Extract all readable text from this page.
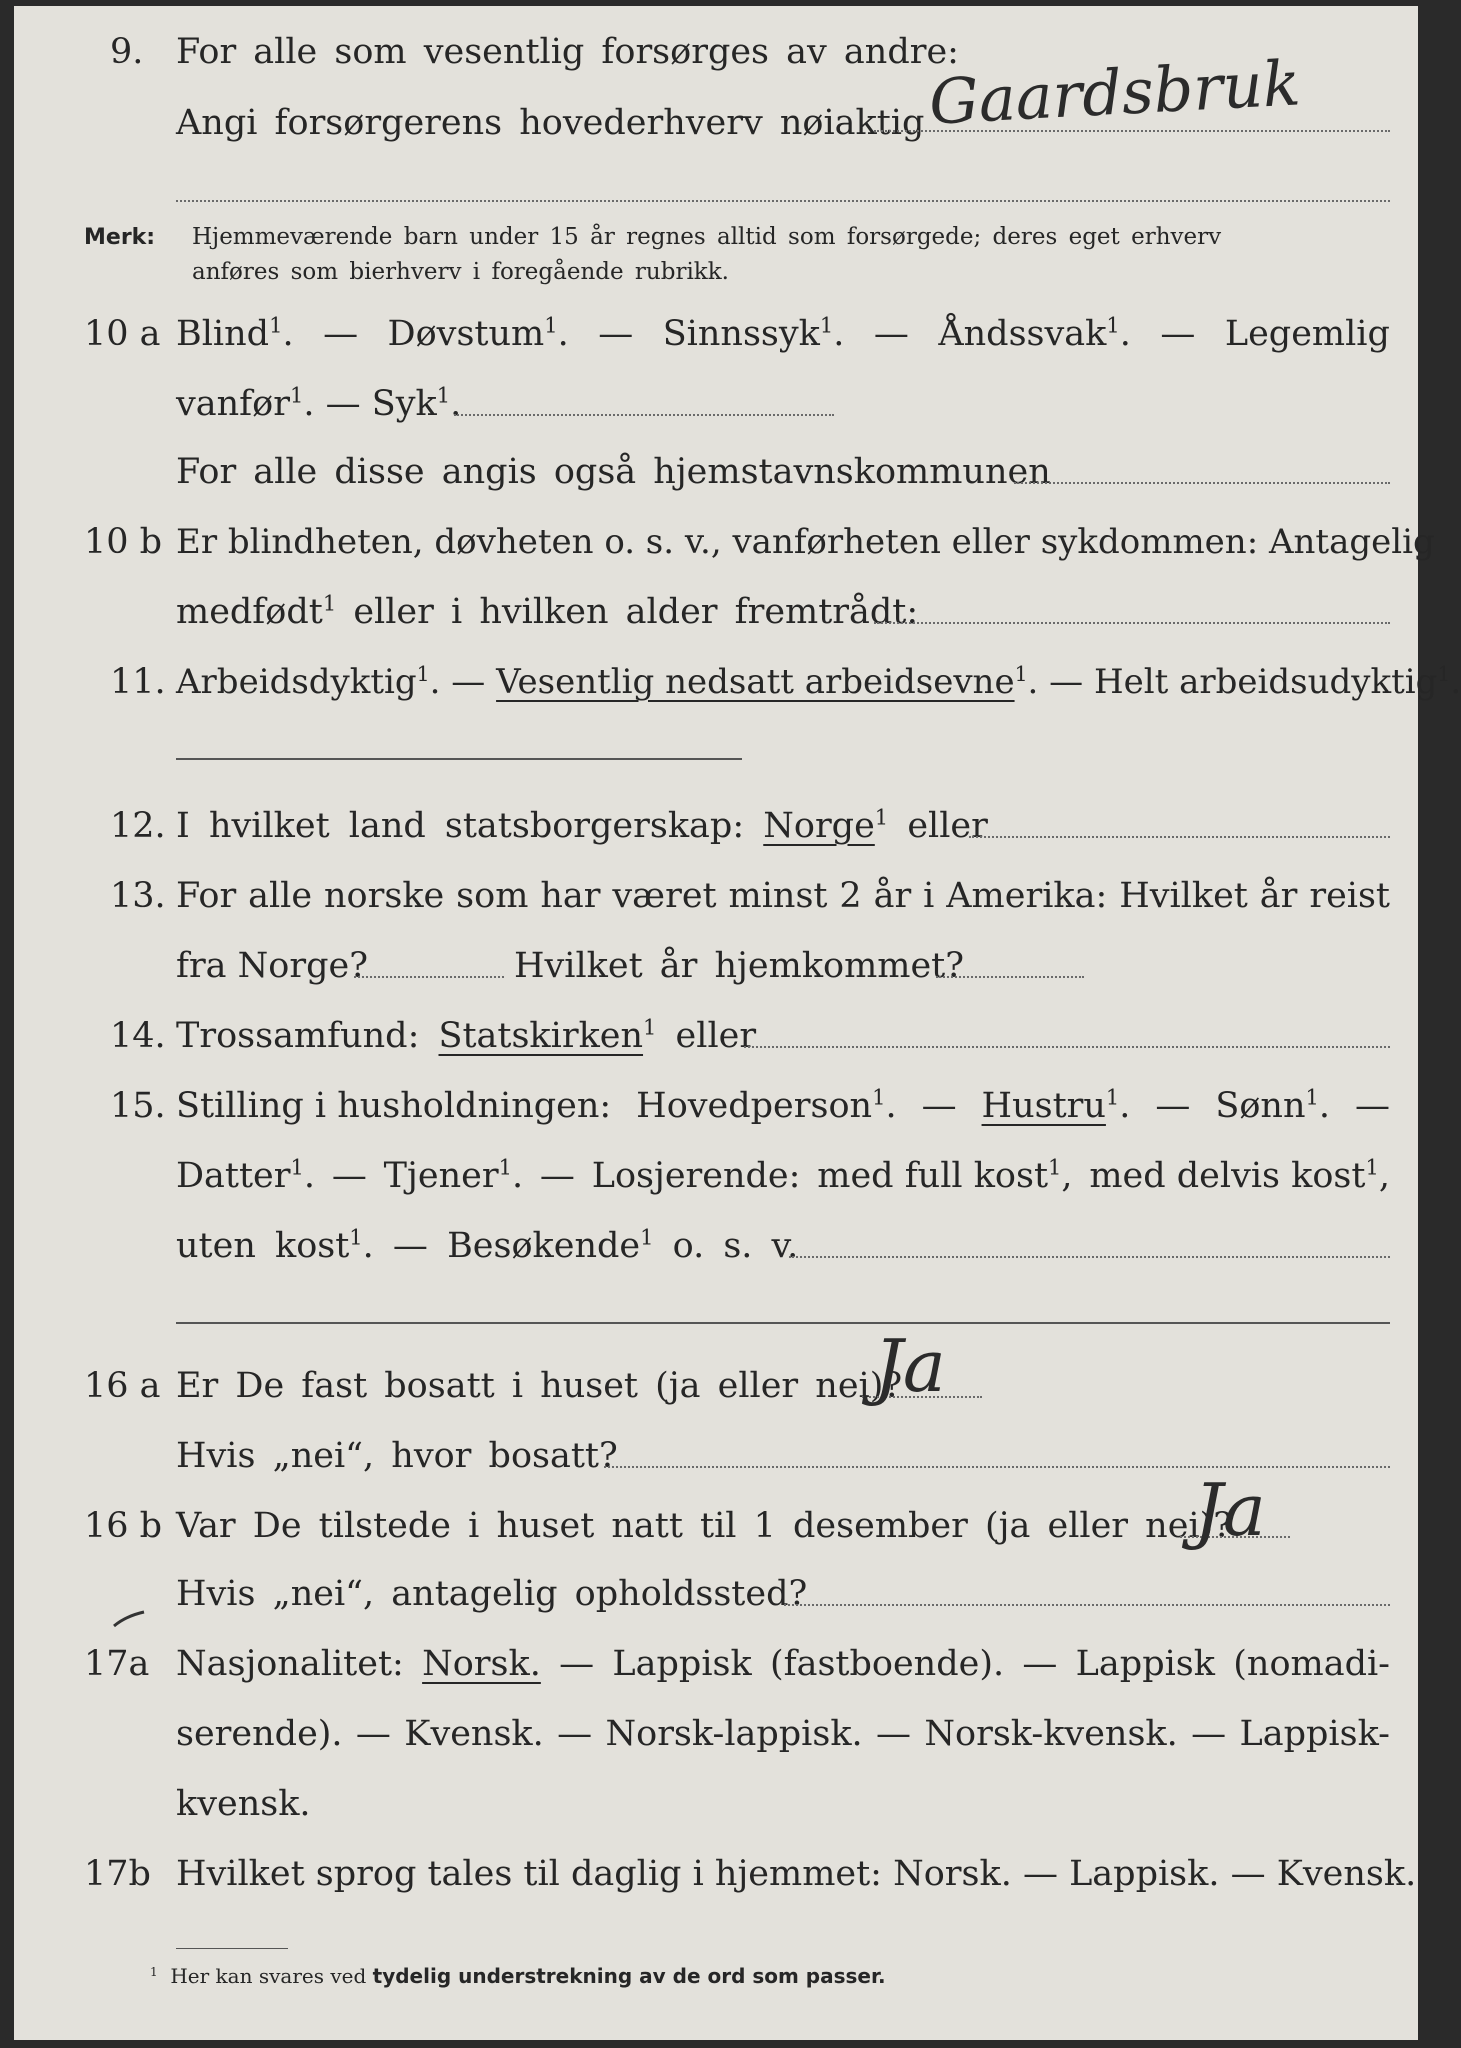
9. For alle som vesentlig forsørges av andre:
Angi forsørgerens hovederhverv nøiaktig Gaardsbruk
Merk: Hjemmeværende barn under 15 år regnes alltid som forsørgede; deres eget erhverv
anføres som bierhverv i foregående rubrikk.
10 a Blind$^1$. — Døvstum$^1$. — Sinnssyk$^1$. — Åndssvak$^1$. — Legemlig
vanfør$^1$. — Syk$^1$.
For alle disse angis også hjemstavnskommunen
10 b Er blindheten, døvheten o. s. v., vanførheten eller sykdommen: Antagelig
medfødt$^1$ eller i hvilken alder fremtrådt:
11. Arbeidsdyktig$^1$. — Vesentlig nedsatt arbeidsevne$^1$. — Helt arbeidsudyktig$^1$.
12. I hvilket land statsborgerskap: Norge$^1$ eller
13. For alle norske som har været minst 2 år i Amerika: Hvilket år reist
fra Norge?	Hvilket år hjemkommet?
14. Trossamfund: Statskirken$^1$ eller
15. Stilling i husholdningen: Hovedperson$^1$. — Hustru$^1$. — Sønn$^1$. —
Datter$^1$. — Tjener$^1$. — Losjerende: med full kost$^1$, med delvis kost$^1$,
uten kost$^1$. — Besøkende$^1$ o. s. v.
16 a Er De fast bosatt i huset (ja eller nei)?
Ja
Hvis „nei“, hvor bosatt?
16 b Var De tilstede i huset natt til 1 desember (ja eller nei)?
Ja
Hvis „nei“, antagelig opholdssted?
17a Nasjonalitet: Norsk. — Lappisk (fastboende). — Lappisk (nomadi-
serende). — Kvensk. — Norsk-lappisk. — Norsk-kvensk. — Lappisk-
kvensk.
17b Hvilket sprog tales til daglig i hjemmet: Norsk. — Lappisk. — Kvensk.
$^1$ Her kan svares ved tydelig understrekning av de ord som passer.
